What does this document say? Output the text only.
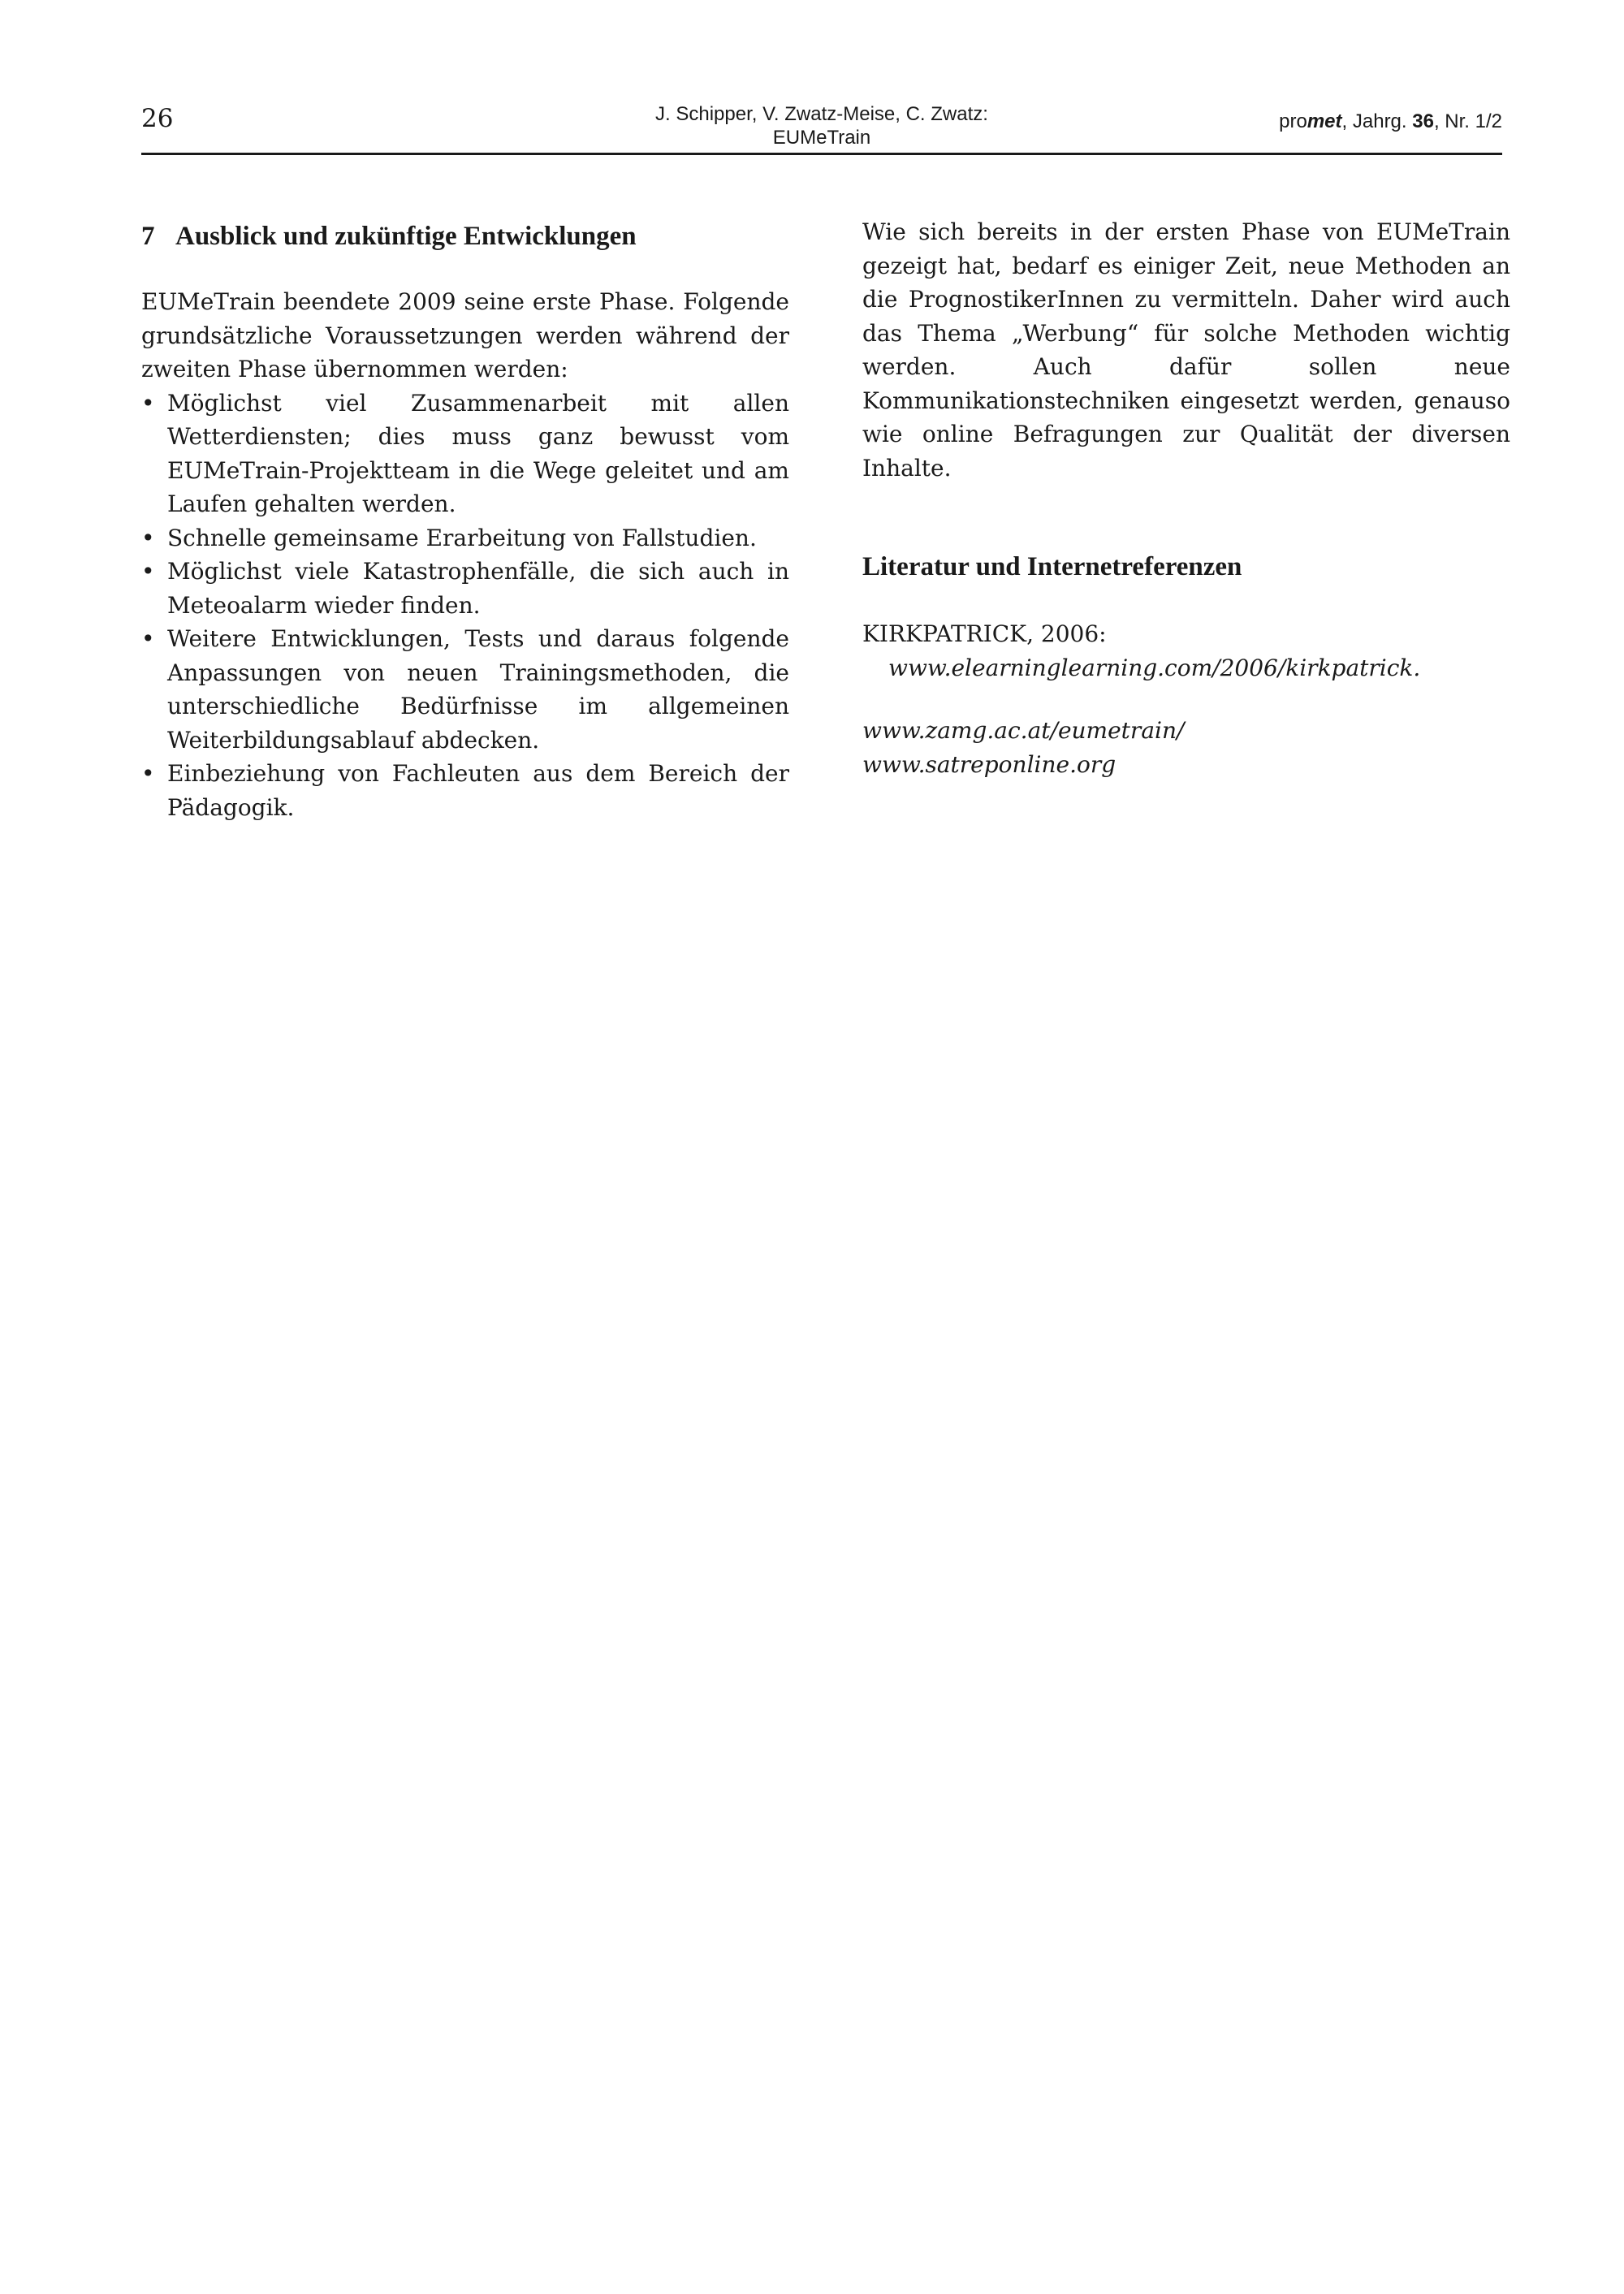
26	J. Schipper, V. Zwatz-Meise, C. Zwatz:
EUMeTrain
promet, Jahrg. 36, Nr. 1/2
7 Ausblick und zukünftige Entwicklungen

EUMeTrain beendete 2009 seine erste Phase. Folgende grundsätzliche Voraussetzungen werden während der zweiten Phase übernommen werden:

• Möglichst viel Zusammenarbeit mit allen Wetterdiensten; dies muss ganz bewusst vom EUMeTrain-Projektteam in die Wege geleitet und am Laufen gehalten werden.
• Schnelle gemeinsame Erarbeitung von Fallstudien.
• Möglichst viele Katastrophenfälle, die sich auch in Meteoalarm wieder finden.
• Weitere Entwicklungen, Tests und daraus folgende Anpassungen von neuen Trainingsmethoden, die unterschiedliche Bedürfnisse im allgemeinen Weiterbildungsablauf abdecken.
• Einbeziehung von Fachleuten aus dem Bereich der Pädagogik.

Wie sich bereits in der ersten Phase von EUMeTrain gezeigt hat, bedarf es einiger Zeit, neue Methoden an die PrognostikerInnen zu vermitteln. Daher wird auch das Thema „Werbung“ für solche Methoden wichtig werden. Auch dafür sollen neue Kommunikationstechniken eingesetzt werden, genauso wie online Befragungen zur Qualität der diversen Inhalte.

Literatur und Internetreferenzen
KIRKPATRICK, 2006: www.elearninglearning.com/2006/kirkpatrick.
www.zamg.ac.at/eumetrain/
www.satreponline.org
